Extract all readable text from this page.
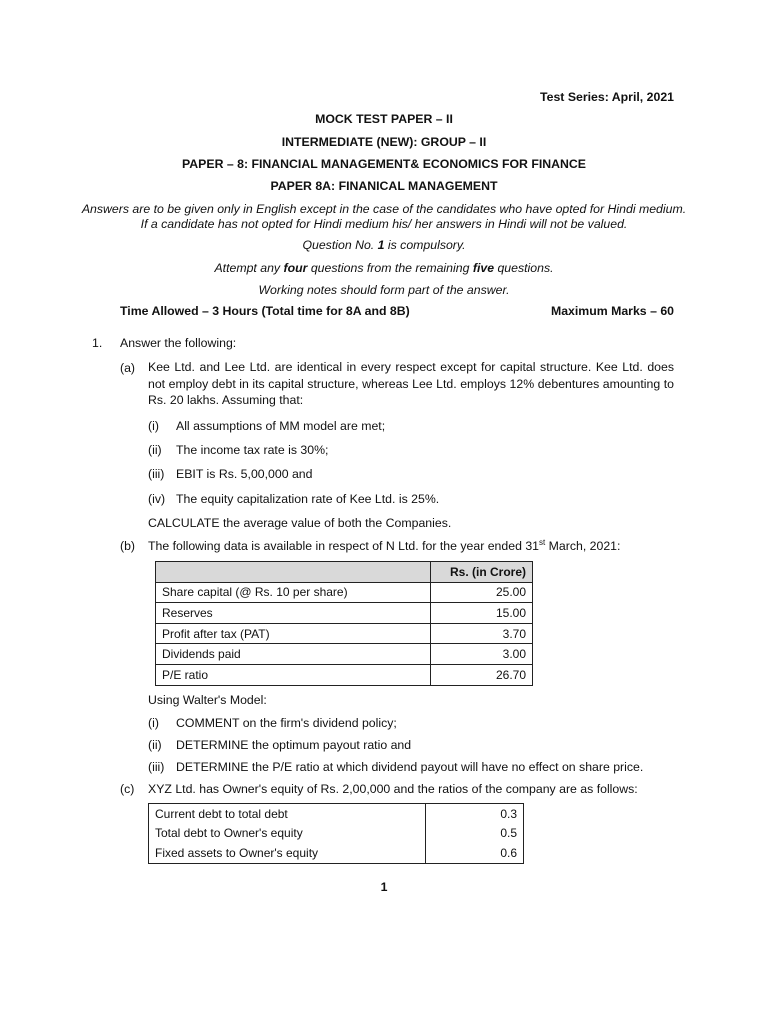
Test Series: April, 2021
MOCK TEST PAPER – II
INTERMEDIATE (NEW): GROUP – II
PAPER – 8: FINANCIAL MANAGEMENT& ECONOMICS FOR FINANCE
PAPER 8A: FINANICAL MANAGEMENT
Answers are to be given only in English except in the case of the candidates who have opted for Hindi medium.
If a candidate has not opted for Hindi medium his/ her answers in Hindi will not be valued.
Question No. 1 is compulsory.
Attempt any four questions from the remaining five questions.
Working notes should form part of the answer.
Time Allowed – 3 Hours (Total time for 8A and 8B)	Maximum Marks – 60
1. Answer the following:
(a) Kee Ltd. and Lee Ltd. are identical in every respect except for capital structure. Kee Ltd. does not employ debt in its capital structure, whereas Lee Ltd. employs 12% debentures amounting to Rs. 20 lakhs. Assuming that:
(i) All assumptions of MM model are met;
(ii) The income tax rate is 30%;
(iii) EBIT is Rs. 5,00,000 and
(iv) The equity capitalization rate of Kee Ltd. is 25%.
CALCULATE the average value of both the Companies.
(b) The following data is available in respect of N Ltd. for the year ended 31st March, 2021:
	Rs. (in Crore)
Share capital (@ Rs. 10 per share)	25.00
Reserves	15.00
Profit after tax (PAT)	3.70
Dividends paid	3.00
P/E ratio	26.70
Using Walter's Model:
(i) COMMENT on the firm's dividend policy;
(ii) DETERMINE the optimum payout ratio and
(iii) DETERMINE the P/E ratio at which dividend payout will have no effect on share price.
(c) XYZ Ltd. has Owner's equity of Rs. 2,00,000 and the ratios of the company are as follows:
Current debt to total debt	0.3
Total debt to Owner's equity	0.5
Fixed assets to Owner's equity	0.6
1
